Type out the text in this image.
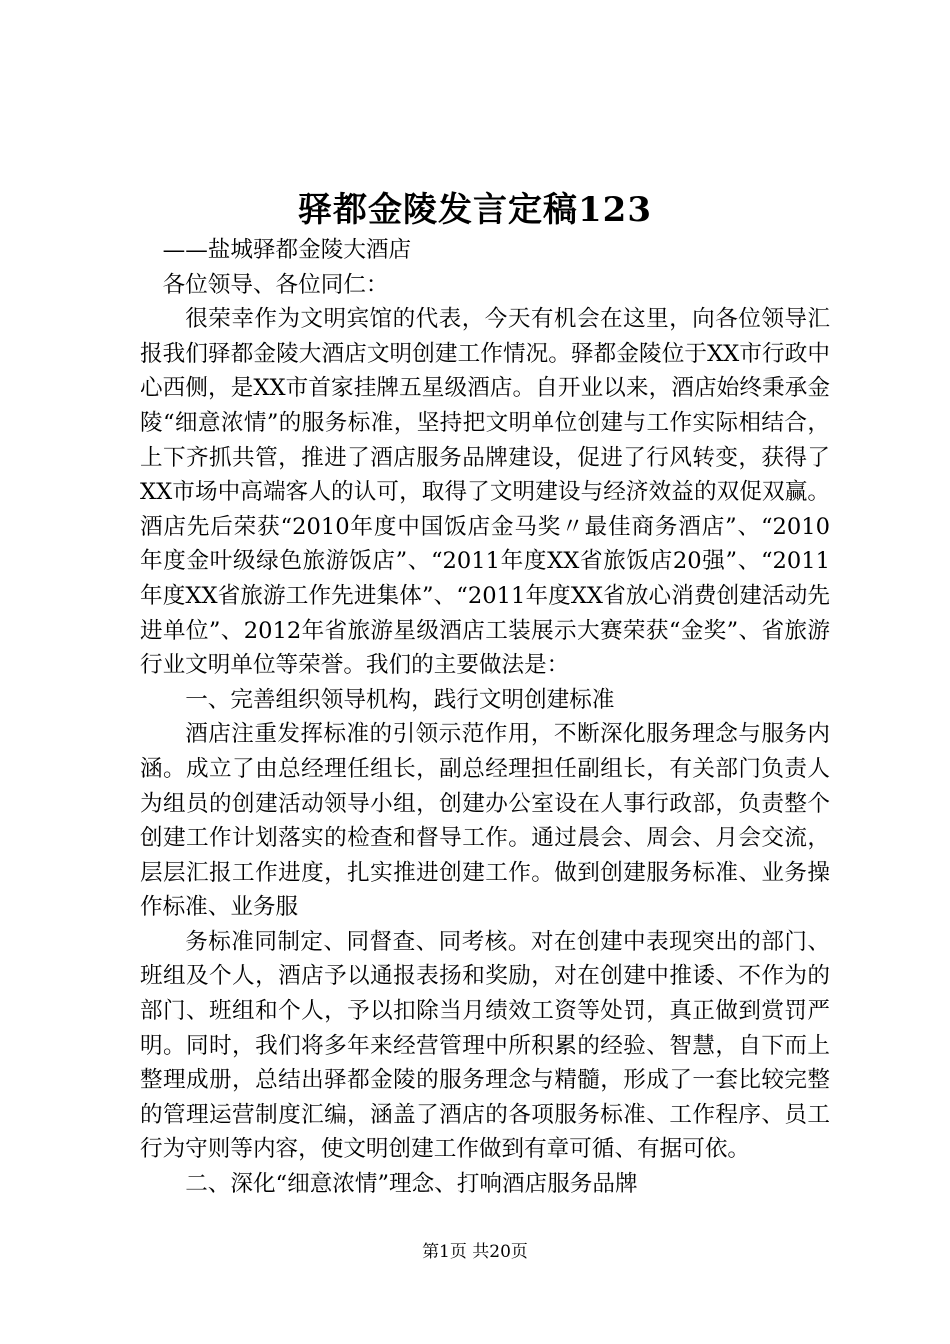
驿都金陵发言定稿123

——盐城驿都金陵大酒店

各位领导、各位同仁：

很荣幸作为文明宾馆的代表，今天有机会在这里，向各位领导汇报我们驿都金陵大酒店文明创建工作情况。驿都金陵位于XX市行政中心西侧，是XX市首家挂牌五星级酒店。自开业以来，酒店始终秉承金陵“细意浓情”的服务标准，坚持把文明单位创建与工作实际相结合，上下齐抓共管，推进了酒店服务品牌建设，促进了行风转变，获得了XX市场中高端客人的认可，取得了文明建设与经济效益的双促双赢。酒店先后荣获“2010年度中国饭店金马奖〃最佳商务酒店”、“2010年度金叶级绿色旅游饭店”、“2011年度XX省旅饭店20强”、“2011年度XX省旅游工作先进集体”、“2011年度XX省放心消费创建活动先进单位”、2012年省旅游星级酒店工装展示大赛荣获“金奖”、省旅游行业文明单位等荣誉。我们的主要做法是：

一、完善组织领导机构，践行文明创建标准

酒店注重发挥标准的引领示范作用，不断深化服务理念与服务内涵。成立了由总经理任组长，副总经理担任副组长，有关部门负责人为组员的创建活动领导小组，创建办公室设在人事行政部，负责整个创建工作计划落实的检查和督导工作。通过晨会、周会、月会交流，层层汇报工作进度，扎实推进创建工作。做到创建服务标准、业务操作标准、业务服

务标准同制定、同督查、同考核。对在创建中表现突出的部门、班组及个人，酒店予以通报表扬和奖励，对在创建中推诿、不作为的部门、班组和个人，予以扣除当月绩效工资等处罚，真正做到赏罚严明。同时，我们将多年来经营管理中所积累的经验、智慧，自下而上整理成册，总结出驿都金陵的服务理念与精髓，形成了一套比较完整的管理运营制度汇编，涵盖了酒店的各项服务标准、工作程序、员工行为守则等内容，使文明创建工作做到有章可循、有据可依。

二、深化“细意浓情”理念、打响酒店服务品牌

第1页 共20页
